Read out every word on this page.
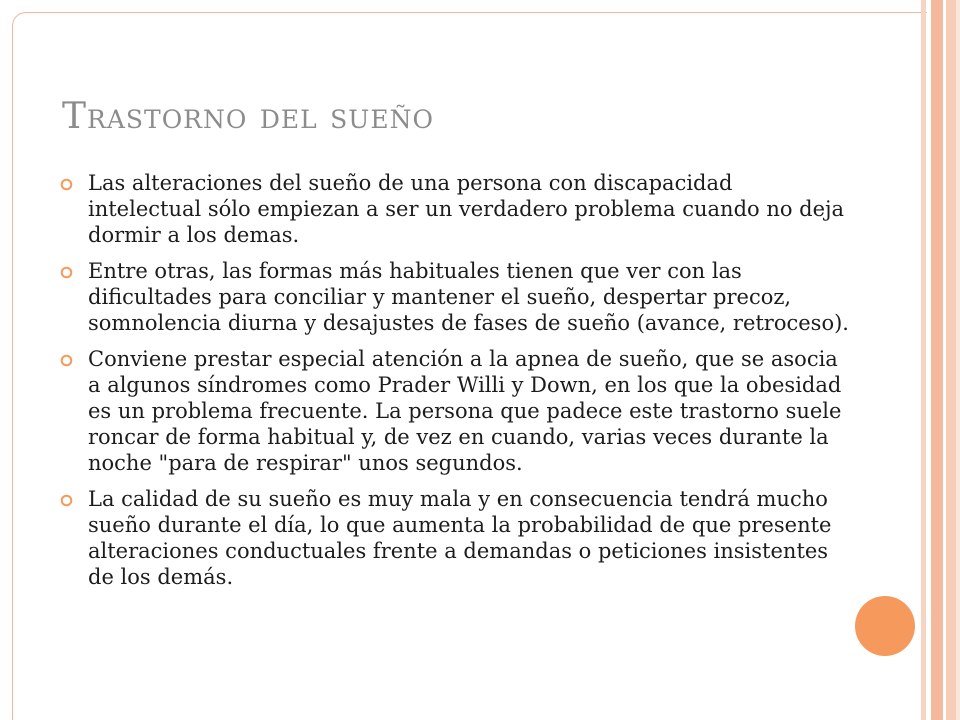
Trastorno del sueño
Las alteraciones del sueño de una persona con discapacidad intelectual sólo empiezan a ser un verdadero problema cuando no deja dormir a los demas.
Entre otras, las formas más habituales tienen que ver con las dificultades para conciliar y mantener el sueño, despertar precoz, somnolencia diurna y desajustes de fases de sueño (avance, retroceso).
Conviene prestar especial atención a la apnea de sueño, que se asocia a algunos síndromes como Prader Willi y Down, en los que la obesidad es un problema frecuente. La persona que padece este trastorno suele roncar de forma habitual y, de vez en cuando, varias veces durante la noche "para de respirar" unos segundos.
La calidad de su sueño es muy mala y en consecuencia tendrá mucho sueño durante el día, lo que aumenta la probabilidad de que presente alteraciones conductuales frente a demandas o peticiones insistentes de los demás.
